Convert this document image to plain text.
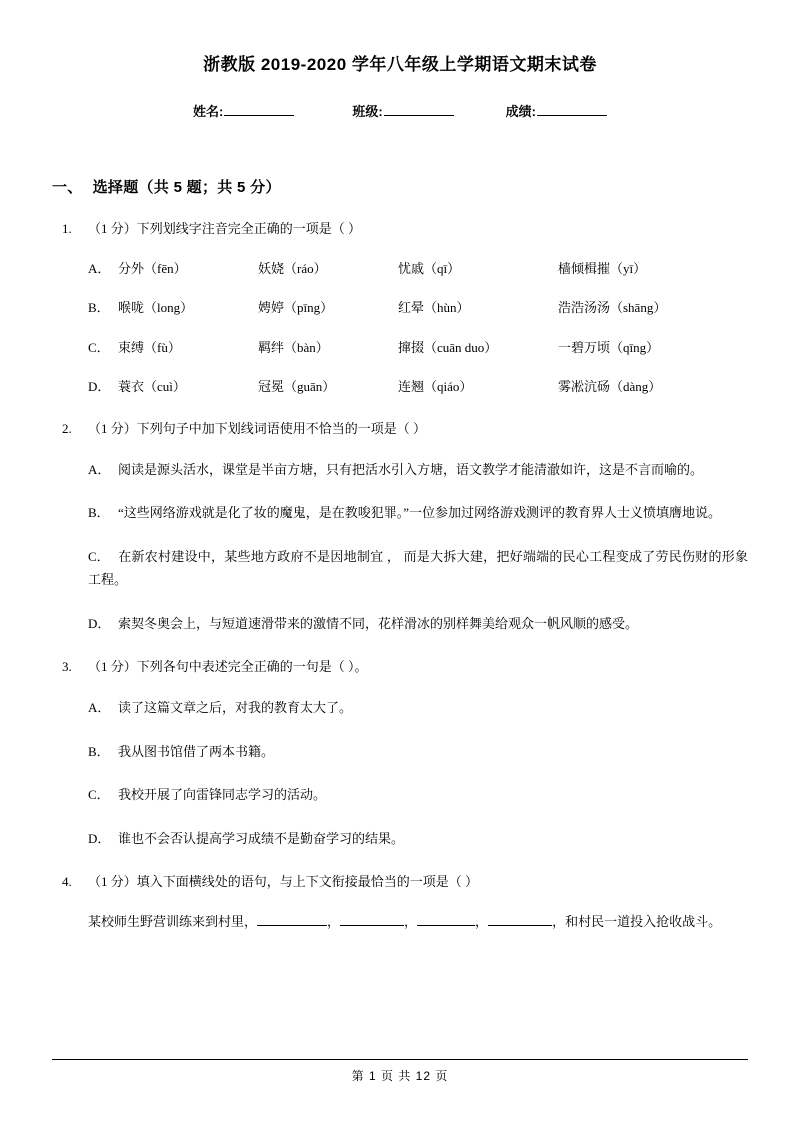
浙教版 2019-2020 学年八年级上学期语文期末试卷
姓名:	班级:	成绩:
一、 选择题（共 5 题；共 5 分）
1. （1 分）下列划线字注音完全正确的一项是（ ）
A． 分外（fēn）	妖娆（ráo）	忧戚（qī）	樯倾楫摧（yī）
B． 喉咙（long）	娉婷（pīng）	红晕（hùn）	浩浩汤汤（shāng）
C． 束缚（fù）	羁绊（bàn）	撺掇（cuān duo）	一碧万顷（qīng）
D． 蓑衣（cuì）	冠冕（guān）	连翘（qiáo）	雾凇沆砀（dàng）
2. （1 分）下列句子中加下划线词语使用不恰当的一项是（ ）
A． 阅读是源头活水，课堂是半亩方塘，只有把活水引入方塘，语文教学才能清澈如许，这是不言而喻的。
B． “这些网络游戏就是化了妆的魔鬼，是在教唆犯罪。”一位参加过网络游戏测评的教育界人士义愤填膺地说。
C． 在新农村建设中，某些地方政府不是因地制宜 ， 而是大拆大建，把好端端的民心工程变成了劳民伤财的形象工程。
D． 索契冬奥会上，与短道速滑带来的激情不同，花样滑冰的别样舞美给观众一帆风顺的感受。
3. （1 分）下列各句中表述完全正确的一句是（ ）。
A． 读了这篇文章之后，对我的教育太大了。
B． 我从图书馆借了两本书籍。
C． 我校开展了向雷锋同志学习的活动。
D． 谁也不会否认提高学习成绩不是勤奋学习的结果。
4. （1 分）填入下面横线处的语句，与上下文衔接最恰当的一项是（ ）
某校师生野营训练来到村里，	，	，	，	，和村民一道投入抢收战斗。
第 1 页 共 12 页
